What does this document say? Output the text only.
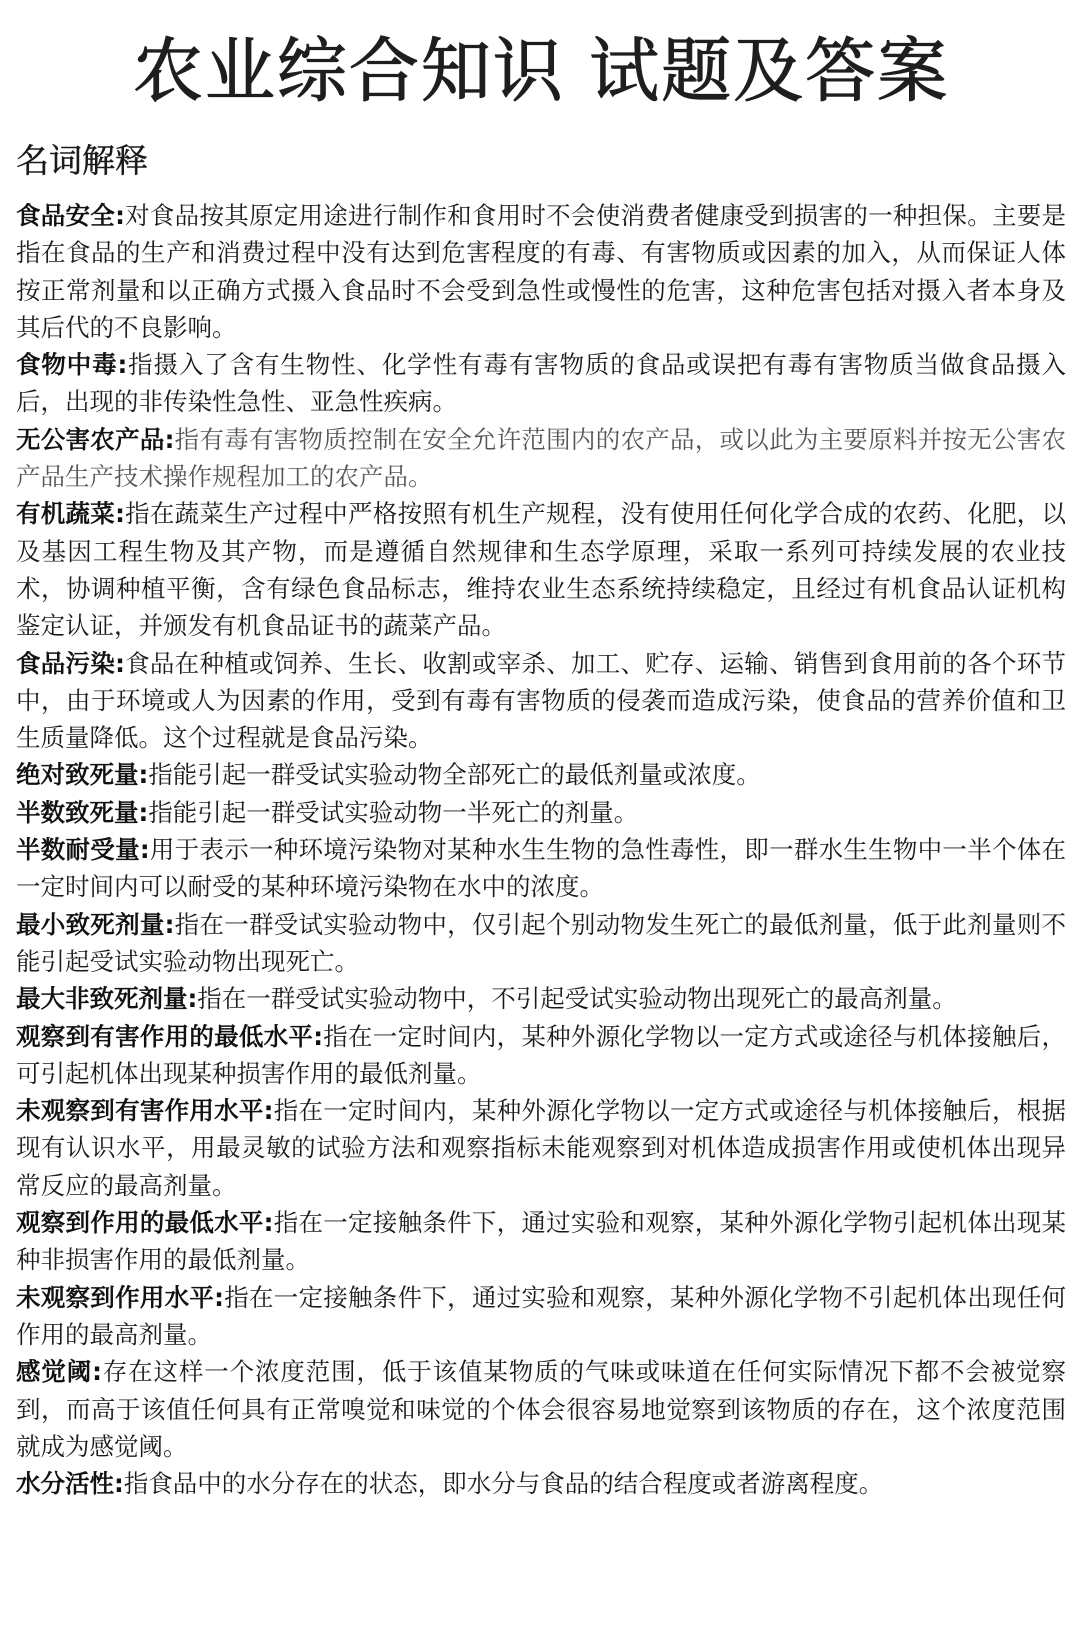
农业综合知识 试题及答案
名词解释

食品安全:对食品按其原定用途进行制作和食用时不会使消费者健康受到损害的一种担保。主要是指在食品的生产和消费过程中没有达到危害程度的有毒、有害物质或因素的加入，从而保证人体按正常剂量和以正确方式摄入食品时不会受到急性或慢性的危害，这种危害包括对摄入者本身及其后代的不良影响。

食物中毒:指摄入了含有生物性、化学性有毒有害物质的食品或误把有毒有害物质当做食品摄入后，出现的非传染性急性、亚急性疾病。

无公害农产品:指有毒有害物质控制在安全允许范围内的农产品，或以此为主要原料并按无公害农产品生产技术操作规程加工的农产品。

有机蔬菜:指在蔬菜生产过程中严格按照有机生产规程，没有使用任何化学合成的农药、化肥，以及基因工程生物及其产物，而是遵循自然规律和生态学原理，采取一系列可持续发展的农业技术，协调种植平衡，含有绿色食品标志，维持农业生态系统持续稳定，且经过有机食品认证机构鉴定认证，并颁发有机食品证书的蔬菜产品。

食品污染:食品在种植或饲养、生长、收割或宰杀、加工、贮存、运输、销售到食用前的各个环节中，由于环境或人为因素的作用，受到有毒有害物质的侵袭而造成污染，使食品的营养价值和卫生质量降低。这个过程就是食品污染。

绝对致死量:指能引起一群受试实验动物全部死亡的最低剂量或浓度。

半数致死量:指能引起一群受试实验动物一半死亡的剂量。

半数耐受量:用于表示一种环境污染物对某种水生生物的急性毒性，即一群水生生物中一半个体在一定时间内可以耐受的某种环境污染物在水中的浓度。

最小致死剂量:指在一群受试实验动物中，仅引起个别动物发生死亡的最低剂量，低于此剂量则不能引起受试实验动物出现死亡。

最大非致死剂量:指在一群受试实验动物中，不引起受试实验动物出现死亡的最高剂量。

观察到有害作用的最低水平:指在一定时间内，某种外源化学物以一定方式或途径与机体接触后，可引起机体出现某种损害作用的最低剂量。

未观察到有害作用水平:指在一定时间内，某种外源化学物以一定方式或途径与机体接触后，根据现有认识水平，用最灵敏的试验方法和观察指标未能观察到对机体造成损害作用或使机体出现异常反应的最高剂量。

观察到作用的最低水平:指在一定接触条件下，通过实验和观察，某种外源化学物引起机体出现某种非损害作用的最低剂量。

未观察到作用水平:指在一定接触条件下，通过实验和观察，某种外源化学物不引起机体出现任何作用的最高剂量。

感觉阈:存在这样一个浓度范围，低于该值某物质的气味或味道在任何实际情况下都不会被觉察到，而高于该值任何具有正常嗅觉和味觉的个体会很容易地觉察到该物质的存在，这个浓度范围就成为感觉阈。

水分活性:指食品中的水分存在的状态，即水分与食品的结合程度或者游离程度。
